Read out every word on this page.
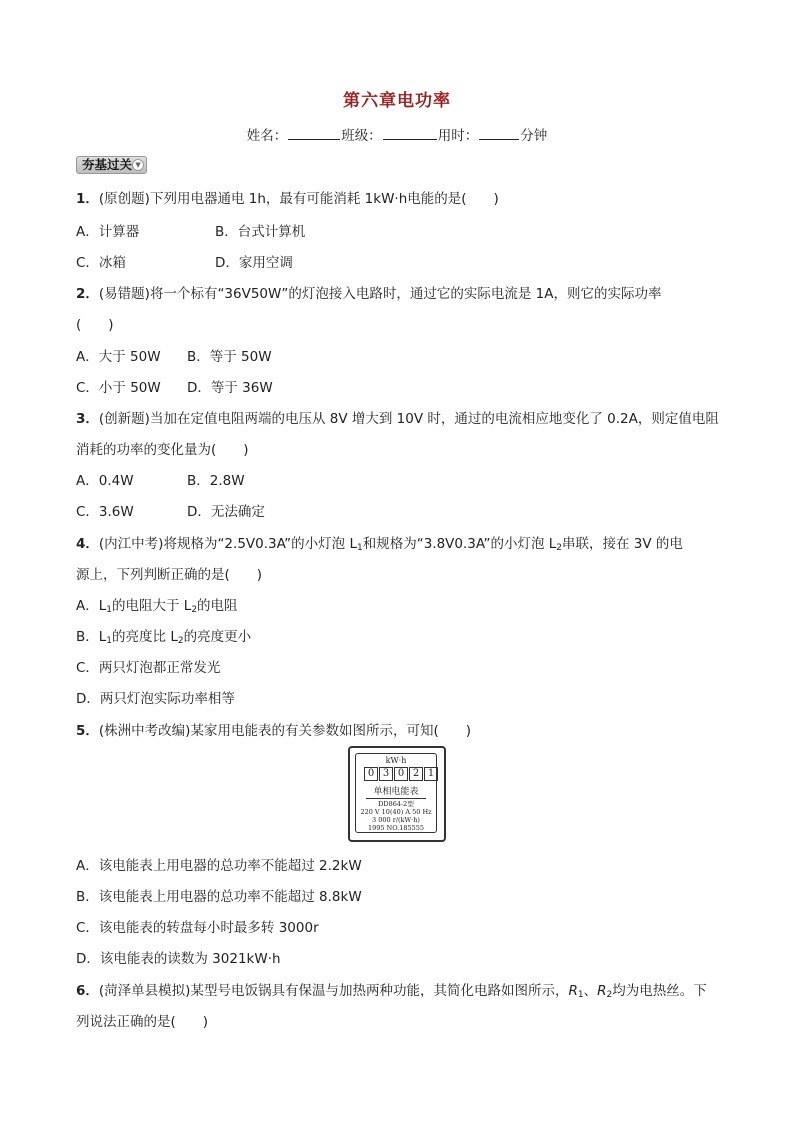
第六章电功率
姓名：	班级：	用时：	分钟
夯基过关 ▼
1．(原创题)下列用电器通电 1h，最有可能消耗 1kW·h电能的是(　　)
A．计算器	B．台式计算机
C．冰箱	D．家用空调
2．(易错题)将一个标有“36V50W”的灯泡接入电路时，通过它的实际电流是 1A，则它的实际功率
(　　)
A．大于 50W B．等于 50W
C．小于 50W D．等于 36W
3．(创新题)当加在定值电阻两端的电压从 8V 增大到 10V 时，通过的电流相应地变化了 0.2A，则定值电阻
消耗的功率的变化量为(　　)
A．0.4W	B．2.8W
C．3.6W	D．无法确定
4．(内江中考)将规格为“2.5V0.3A”的小灯泡 $L_1$和规格为“3.8V0.3A”的小灯泡 $L_2$串联，接在 3V 的电
源上，下列判断正确的是(　　)
A．$L_1$的电阻大于 $L_2$的电阻
B．$L_1$的亮度比 $L_2$的亮度更小
C．两只灯泡都正常发光
D．两只灯泡实际功率相等
5．(株洲中考改编)某家用电能表的有关参数如图所示，可知(　　)
kW·h
0 3 0 2 1
单相电能表
DD864-2型
220 V 10(40) A 50 Hz
3 000 r/(kW·h)
1995 NO.185555
A．该电能表上用电器的总功率不能超过 2.2kW
B．该电能表上用电器的总功率不能超过 8.8kW
C．该电能表的转盘每小时最多转 3000r
D．该电能表的读数为 3021kW·h
6．(菏泽单县模拟)某型号电饭锅具有保温与加热两种功能，其简化电路如图所示，$R_1$、$R_2$均为电热丝。下
列说法正确的是(　　)
